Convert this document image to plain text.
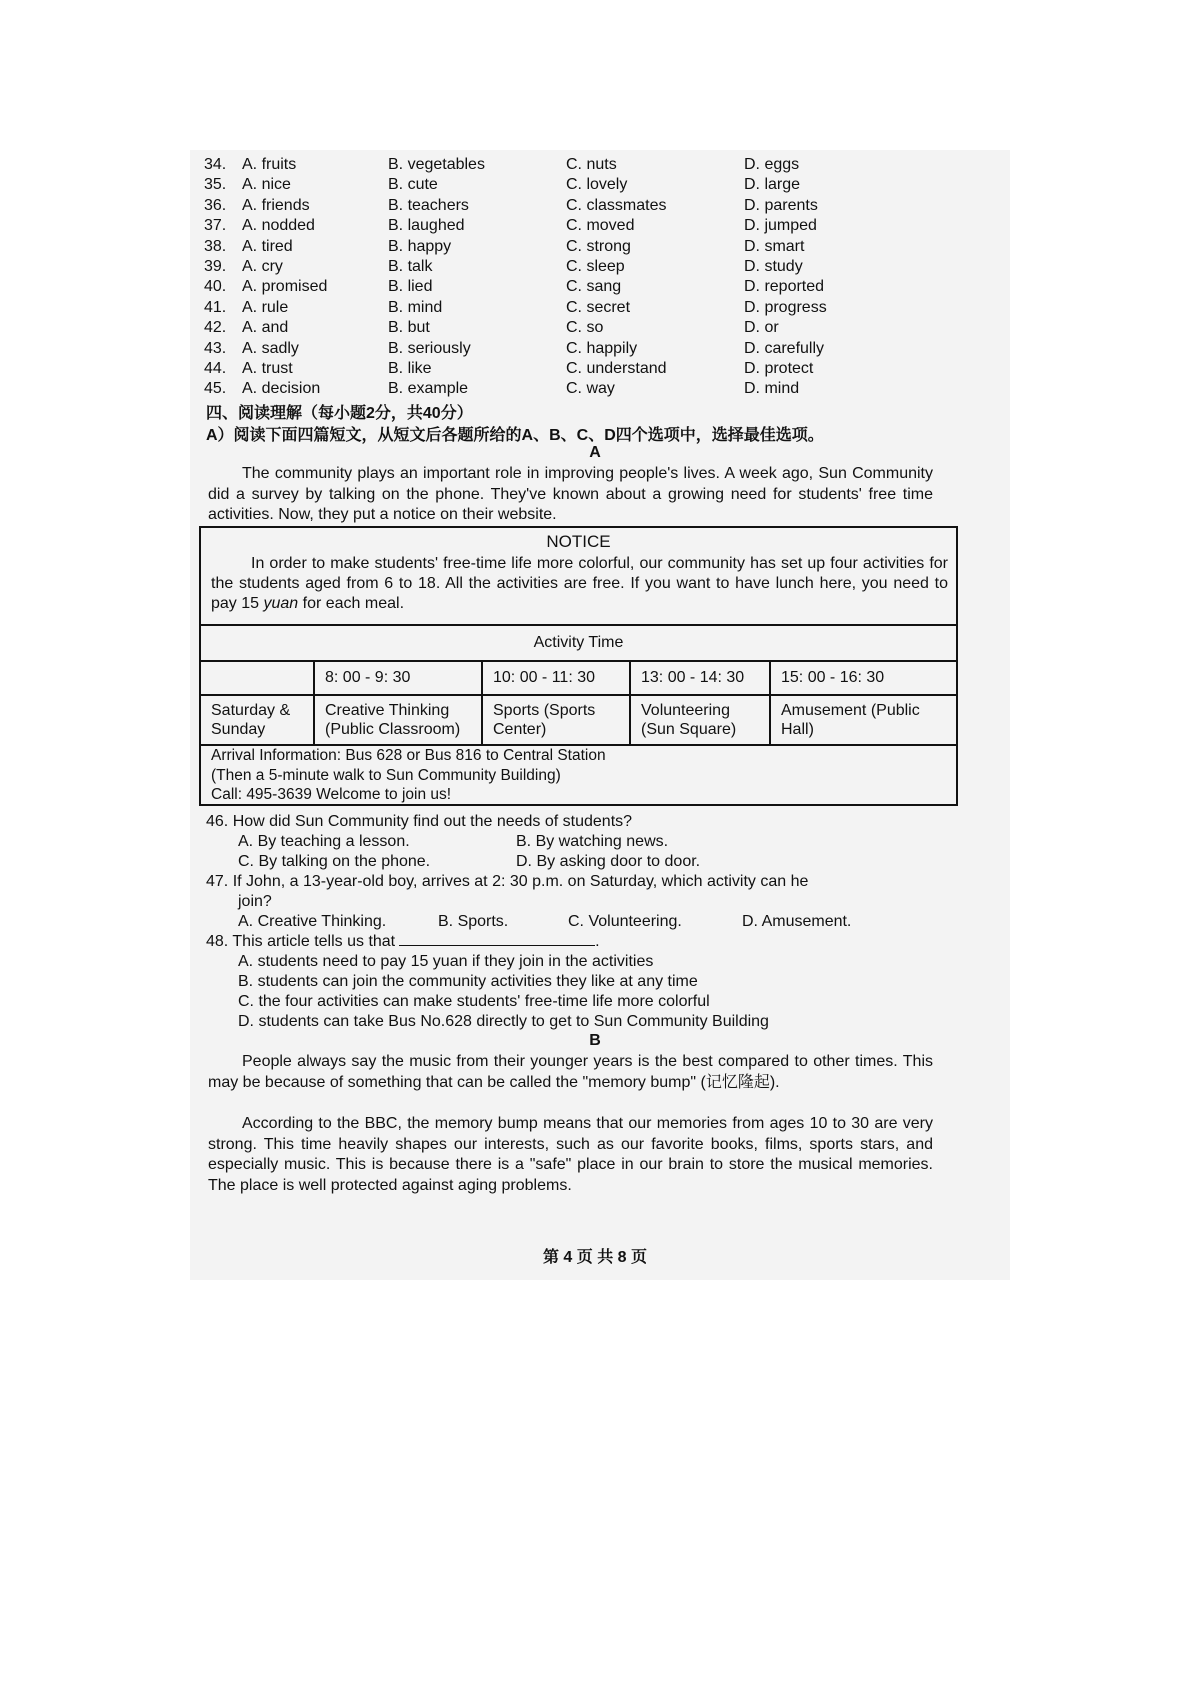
34. A. fruits	B. vegetables	C. nuts	D. eggs
35. A. nice	B. cute	C. lovely	D. large
36. A. friends	B. teachers	C. classmates	D. parents
37. A. nodded	B. laughed	C. moved	D. jumped
38. A. tired	B. happy	C. strong	D. smart
39. A. cry	B. talk	C. sleep	D. study
40. A. promised	B. lied	C. sang	D. reported
41. A. rule	B. mind	C. secret	D. progress
42. A. and	B. but	C. so	D. or
43. A. sadly	B. seriously	C. happily	D. carefully
44. A. trust	B. like	C. understand	D. protect
45. A. decision	B. example	C. way	D. mind
四、阅读理解（每小题2分，共40分）
A）阅读下面四篇短文，从短文后各题所给的A、B、C、D四个选项中，选择最佳选项。
A
The community plays an important role in improving people's lives. A week ago, Sun Community did a survey by talking on the phone. They've known about a growing need for students' free time activities. Now, they put a notice on their website.
NOTICE
In order to make students' free-time life more colorful, our community has set up four activities for the students aged from 6 to 18. All the activities are free. If you want to have lunch here, you need to pay 15 yuan for each meal.
Activity Time				
	8: 00 - 9: 30	10: 00 - 11: 30	13: 00 - 14: 30	15: 00 - 16: 30
Saturday & Sunday	Creative Thinking (Public Classroom)	Sports (Sports Center)	Volunteering (Sun Square)	Amusement (Public Hall)
Arrival Information: Bus 628 or Bus 816 to Central Station
(Then a 5-minute walk to Sun Community Building)
Call: 495-3639 Welcome to join us!
46. How did Sun Community find out the needs of students?
A. By teaching a lesson.	B. By watching news.
C. By talking on the phone.	D. By asking door to door.
47. If John, a 13-year-old boy, arrives at 2: 30 p.m. on Saturday, which activity can he
join?
A. Creative Thinking.	B. Sports.	C. Volunteering.	D. Amusement.
48. This article tells us that	.
A. students need to pay 15 yuan if they join in the activities
B. students can join the community activities they like at any time
C. the four activities can make students' free-time life more colorful
D. students can take Bus No.628 directly to get to Sun Community Building
B
People always say the music from their younger years is the best compared to other times. This may be because of something that can be called the "memory bump" (记忆隆起).
According to the BBC, the memory bump means that our memories from ages 10 to 30 are very strong. This time heavily shapes our interests, such as our favorite books, films, sports stars, and especially music. This is because there is a "safe" place in our brain to store the musical memories. The place is well protected against aging problems.
第 4 页 共 8 页
